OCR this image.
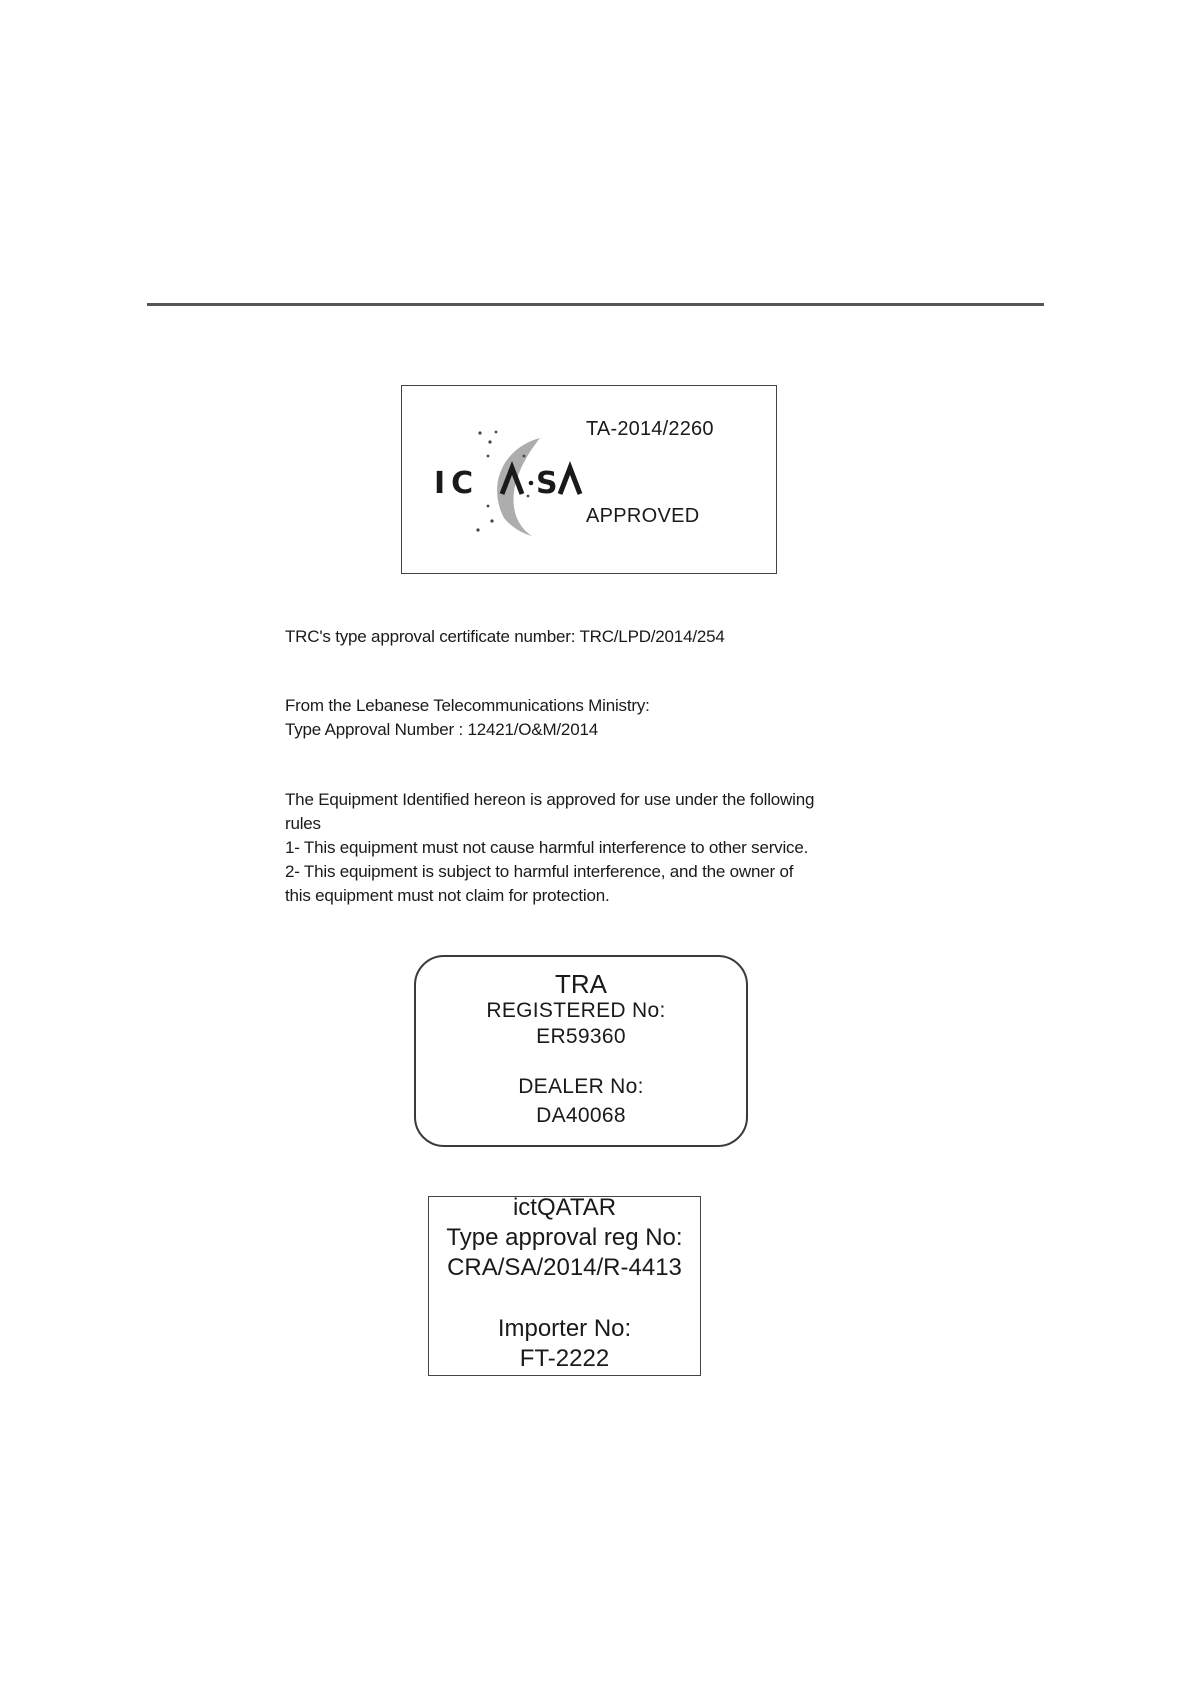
IC S
TA-2014/2260
APPROVED
TRC's type approval certificate number: TRC/LPD/2014/254
From the Lebanese Telecommunications Ministry:
Type Approval Number : 12421/O&M/2014
The Equipment Identified hereon is approved for use under the following
rules
1- This equipment must not cause harmful interference to other service.
2- This equipment is subject to harmful interference, and the owner of
this equipment must not claim for protection.
TRA
REGISTERED No:
ER59360
DEALER No:
DA40068
ictQATAR
Type approval reg No:
CRA/SA/2014/R-4413
Importer No:
FT-2222
